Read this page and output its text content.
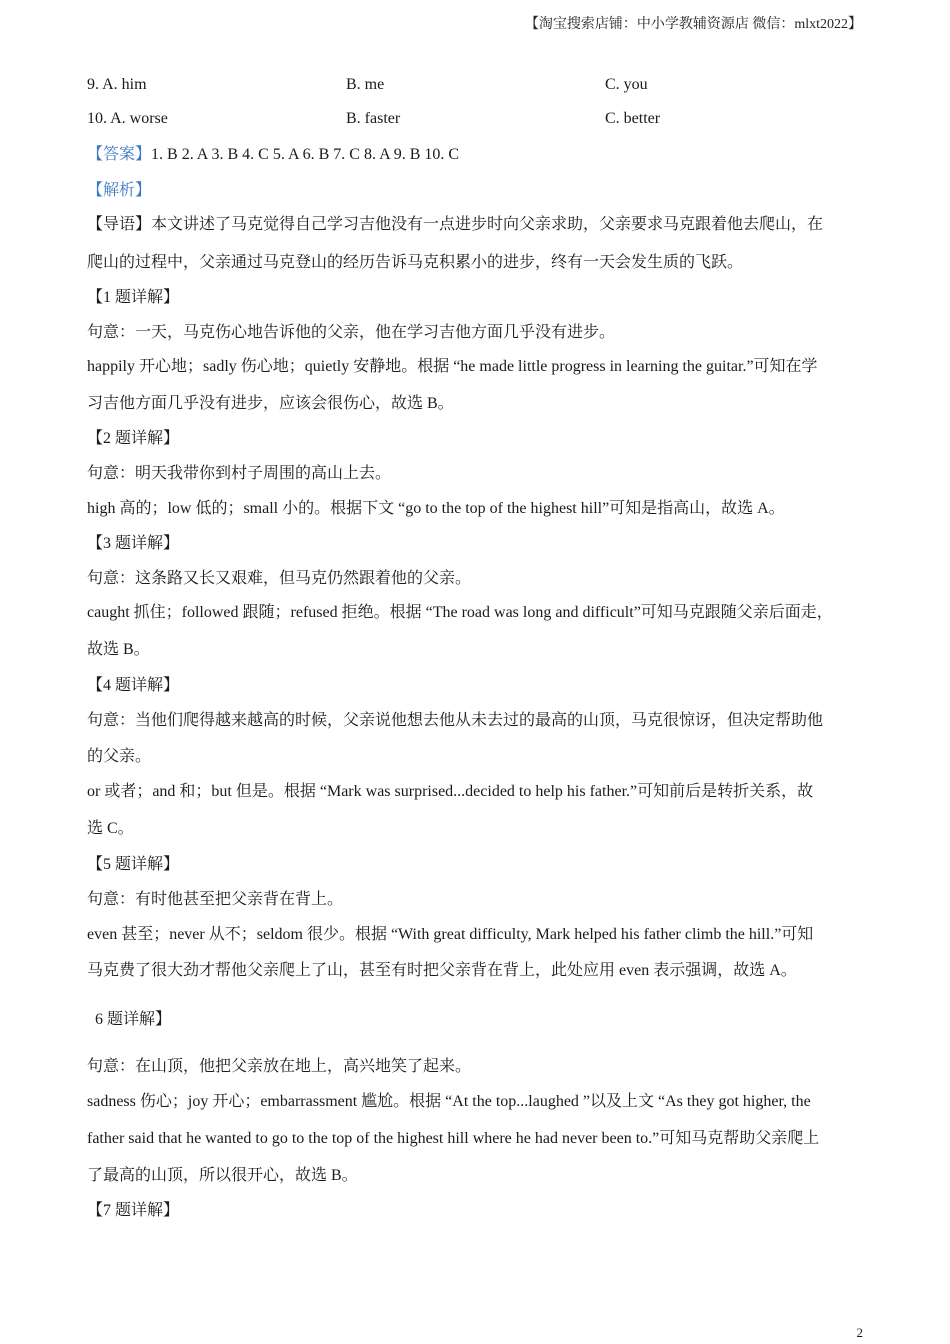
【淘宝搜索店铺：中小学教辅资源店 微信：mlxt2022】
9. A. him	B. me	C. you
10. A. worse	B. faster	C. better
【答案】1. B 2. A 3. B 4. C 5. A 6. B 7. C 8. A 9. B 10. C
【解析】
【导语】本文讲述了马克觉得自己学习吉他没有一点进步时向父亲求助，父亲要求马克跟着他去爬山，在
爬山的过程中，父亲通过马克登山的经历告诉马克积累小的进步，终有一天会发生质的飞跃。
【1 题详解】
句意：一天，马克伤心地告诉他的父亲，他在学习吉他方面几乎没有进步。
happily 开心地；sadly 伤心地；quietly 安静地。根据 “he made little progress in learning the guitar.”可知在学
习吉他方面几乎没有进步，应该会很伤心，故选 B。
【2 题详解】
句意：明天我带你到村子周围的高山上去。
high 高的；low 低的；small 小的。根据下文 “go to the top of the highest hill”可知是指高山，故选 A。
【3 题详解】
句意：这条路又长又艰难，但马克仍然跟着他的父亲。
caught 抓住；followed 跟随；refused 拒绝。根据 “The road was long and difficult”可知马克跟随父亲后面走，
故选 B。
【4 题详解】
句意：当他们爬得越来越高的时候，父亲说他想去他从未去过的最高的山顶，马克很惊讶，但决定帮助他
的父亲。
or 或者；and 和；but 但是。根据 “Mark was surprised...decided to help his father.”可知前后是转折关系，故
选 C。
【5 题详解】
句意：有时他甚至把父亲背在背上。
even 甚至；never 从不；seldom 很少。根据 “With great difficulty, Mark helped his father climb the hill.”可知
马克费了很大劲才帮他父亲爬上了山，甚至有时把父亲背在背上，此处应用 even 表示强调，故选 A。
6 题详解】
句意：在山顶，他把父亲放在地上，高兴地笑了起来。
sadness 伤心；joy 开心；embarrassment 尴尬。根据 “At the top...laughed ”以及上文 “As they got higher, the
father said that he wanted to go to the top of the highest hill where he had never been to.”可知马克帮助父亲爬上
了最高的山顶，所以很开心，故选 B。
【7 题详解】
2
